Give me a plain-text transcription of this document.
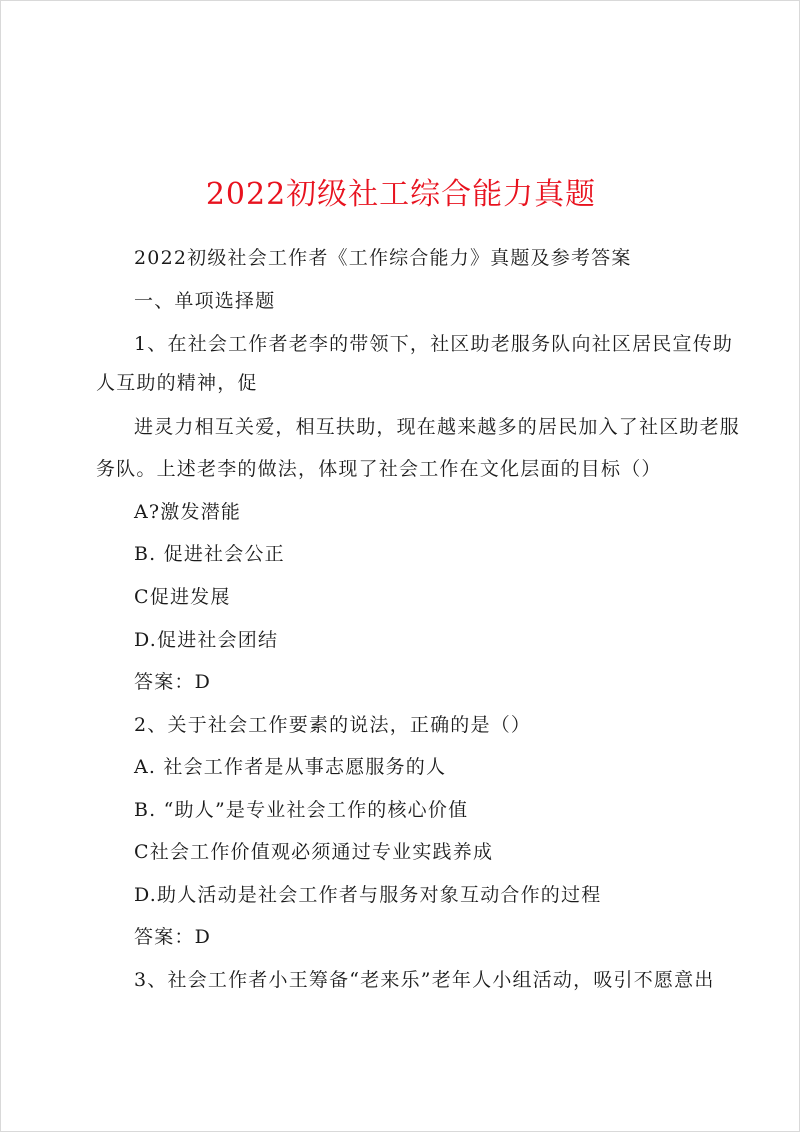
2022初级社工综合能力真题
2022初级社会工作者《工作综合能力》真题及参考答案
一、单项选择题
1、在社会工作者老李的带领下，社区助老服务队向社区居民宣传助
人互助的精神，促
进灵力相互关爱，相互扶助，现在越来越多的居民加入了社区助老服
务队。上述老李的做法，体现了社会工作在文化层面的目标（）
A?激发潜能
B. 促进社会公正
C促进发展
D.促进社会团结
答案：D
2、关于社会工作要素的说法，正确的是（）
A. 社会工作者是从事志愿服务的人
B. “助人”是专业社会工作的核心价值
C社会工作价值观必须通过专业实践养成
D.助人活动是社会工作者与服务对象互动合作的过程
答案：D
3、社会工作者小王筹备“老来乐”老年人小组活动，吸引不愿意出
